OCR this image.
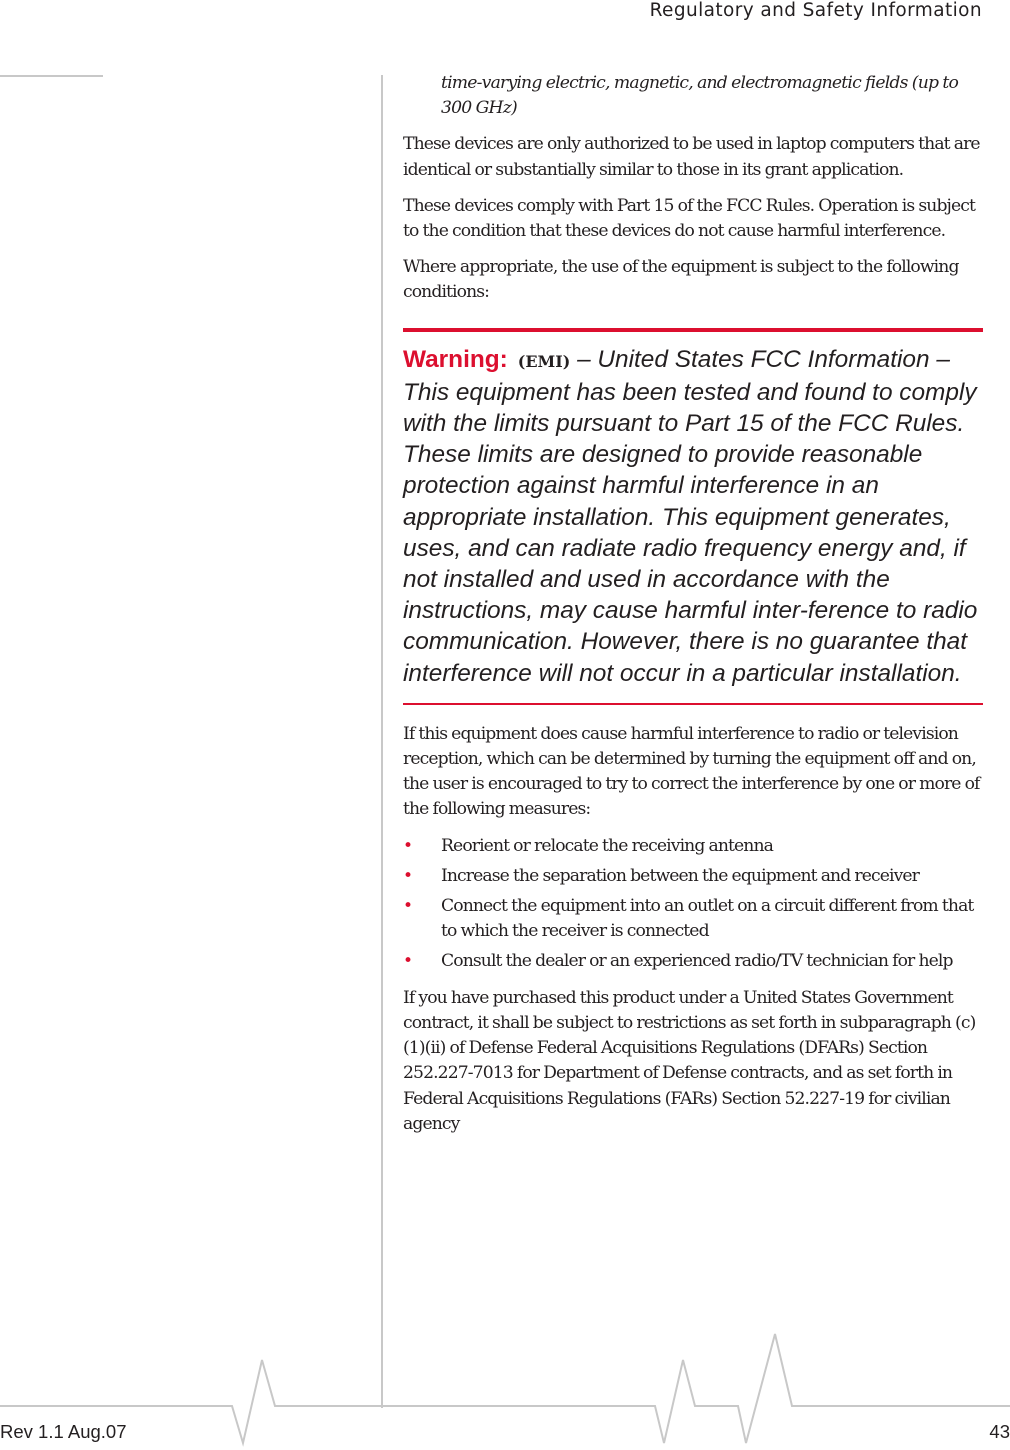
Regulatory and Safety Information

time-varying electric, magnetic, and electromagnetic fields (up to 300 GHz)

These devices are only authorized to be used in laptop computers that are identical or substantially similar to those in its grant application.

These devices comply with Part 15 of the FCC Rules. Operation is subject to the condition that these devices do not cause harmful interference.

Where appropriate, the use of the equipment is subject to the following conditions:

Warning: (EMI) – United States FCC Information – This equipment has been tested and found to comply with the limits pursuant to Part 15 of the FCC Rules. These limits are designed to provide reasonable protection against harmful interference in an appropriate installation. This equipment generates, uses, and can radiate radio frequency energy and, if not installed and used in accordance with the instructions, may cause harmful inter-ference to radio communication. However, there is no guarantee that interference will not occur in a particular installation.

If this equipment does cause harmful interference to radio or television reception, which can be determined by turning the equipment off and on, the user is encouraged to try to correct the interference by one or more of the following measures:

• Reorient or relocate the receiving antenna
• Increase the separation between the equipment and receiver
• Connect the equipment into an outlet on a circuit different from that to which the receiver is connected
• Consult the dealer or an experienced radio/TV technician for help

If you have purchased this product under a United States Government contract, it shall be subject to restrictions as set forth in subparagraph (c)(1)(ii) of Defense Federal Acquisitions Regulations (DFARs) Section 252.227-7013 for Department of Defense contracts, and as set forth in Federal Acquisitions Regulations (FARs) Section 52.227-19 for civilian agency

Rev 1.1 Aug.07	43
